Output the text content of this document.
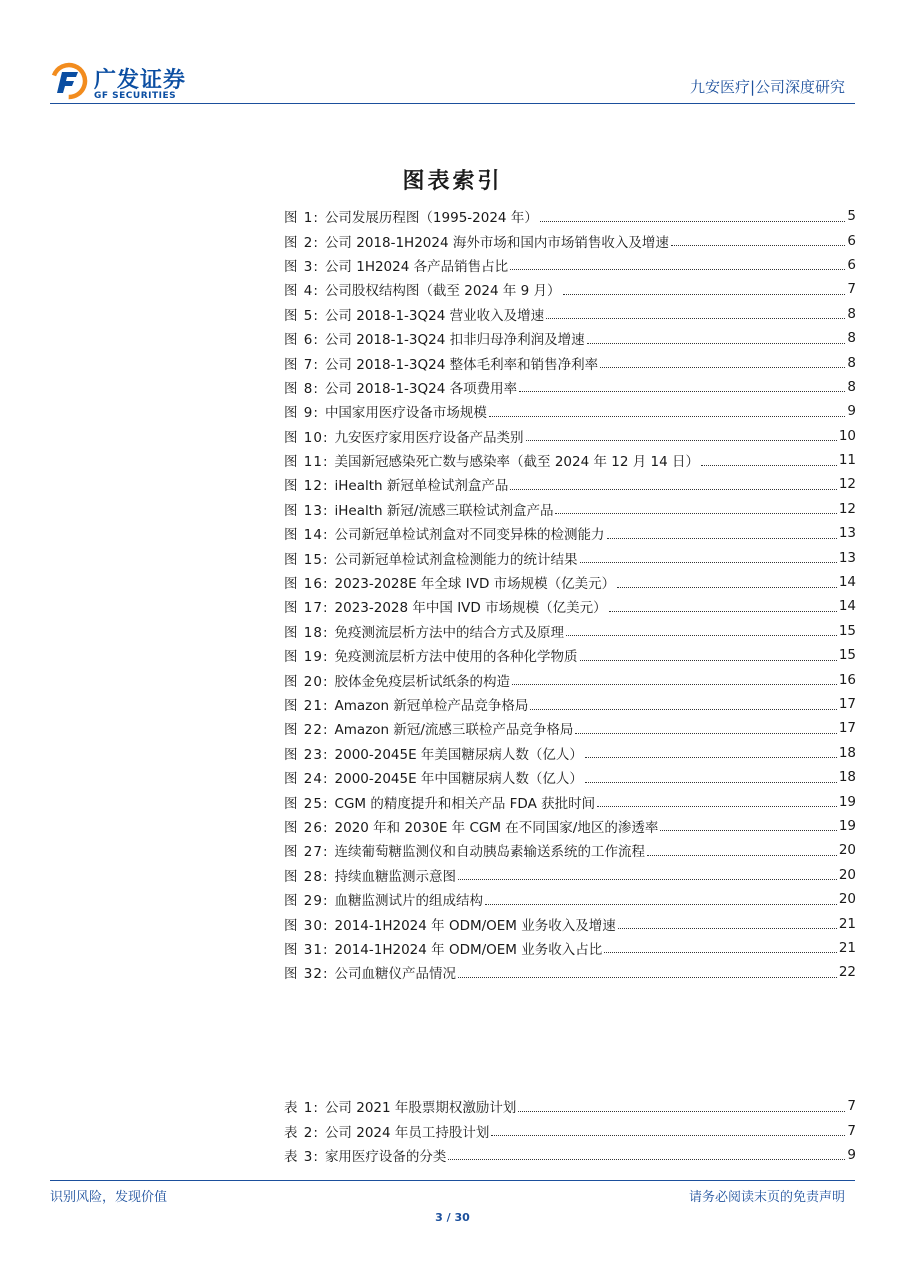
广发证券
GF SECURITIES	九安医疗|公司深度研究
图表索引
图 1: 公司发展历程图（1995-2024 年）	5
图 2: 公司 2018-1H2024 海外市场和国内市场销售收入及增速	6
图 3: 公司 1H2024 各产品销售占比	6
图 4: 公司股权结构图（截至 2024 年 9 月）	7
图 5: 公司 2018-1-3Q24 营业收入及增速	8
图 6: 公司 2018-1-3Q24 扣非归母净利润及增速	8
图 7: 公司 2018-1-3Q24 整体毛利率和销售净利率	8
图 8: 公司 2018-1-3Q24 各项费用率	8
图 9: 中国家用医疗设备市场规模	9
图 10: 九安医疗家用医疗设备产品类别	10
图 11: 美国新冠感染死亡数与感染率（截至 2024 年 12 月 14 日）	11
图 12: iHealth 新冠单检试剂盒产品	12
图 13: iHealth 新冠/流感三联检试剂盒产品	12
图 14: 公司新冠单检试剂盒对不同变异株的检测能力	13
图 15: 公司新冠单检试剂盒检测能力的统计结果	13
图 16: 2023-2028E 年全球 IVD 市场规模（亿美元）	14
图 17: 2023-2028 年中国 IVD 市场规模（亿美元）	14
图 18: 免疫测流层析方法中的结合方式及原理	15
图 19: 免疫测流层析方法中使用的各种化学物质	15
图 20: 胶体金免疫层析试纸条的构造	16
图 21: Amazon 新冠单检产品竞争格局	17
图 22: Amazon 新冠/流感三联检产品竞争格局	17
图 23: 2000-2045E 年美国糖尿病人数（亿人）	18
图 24: 2000-2045E 年中国糖尿病人数（亿人）	18
图 25: CGM 的精度提升和相关产品 FDA 获批时间	19
图 26: 2020 年和 2030E 年 CGM 在不同国家/地区的渗透率	19
图 27: 连续葡萄糖监测仪和自动胰岛素输送系统的工作流程	20
图 28: 持续血糖监测示意图	20
图 29: 血糖监测试片的组成结构	20
图 30: 2014-1H2024 年 ODM/OEM 业务收入及增速	21
图 31: 2014-1H2024 年 ODM/OEM 业务收入占比	21
图 32: 公司血糖仪产品情况	22
表 1: 公司 2021 年股票期权激励计划	7
表 2: 公司 2024 年员工持股计划	7
表 3: 家用医疗设备的分类	9
识别风险，发现价值	请务必阅读末页的免责声明
3 / 30
